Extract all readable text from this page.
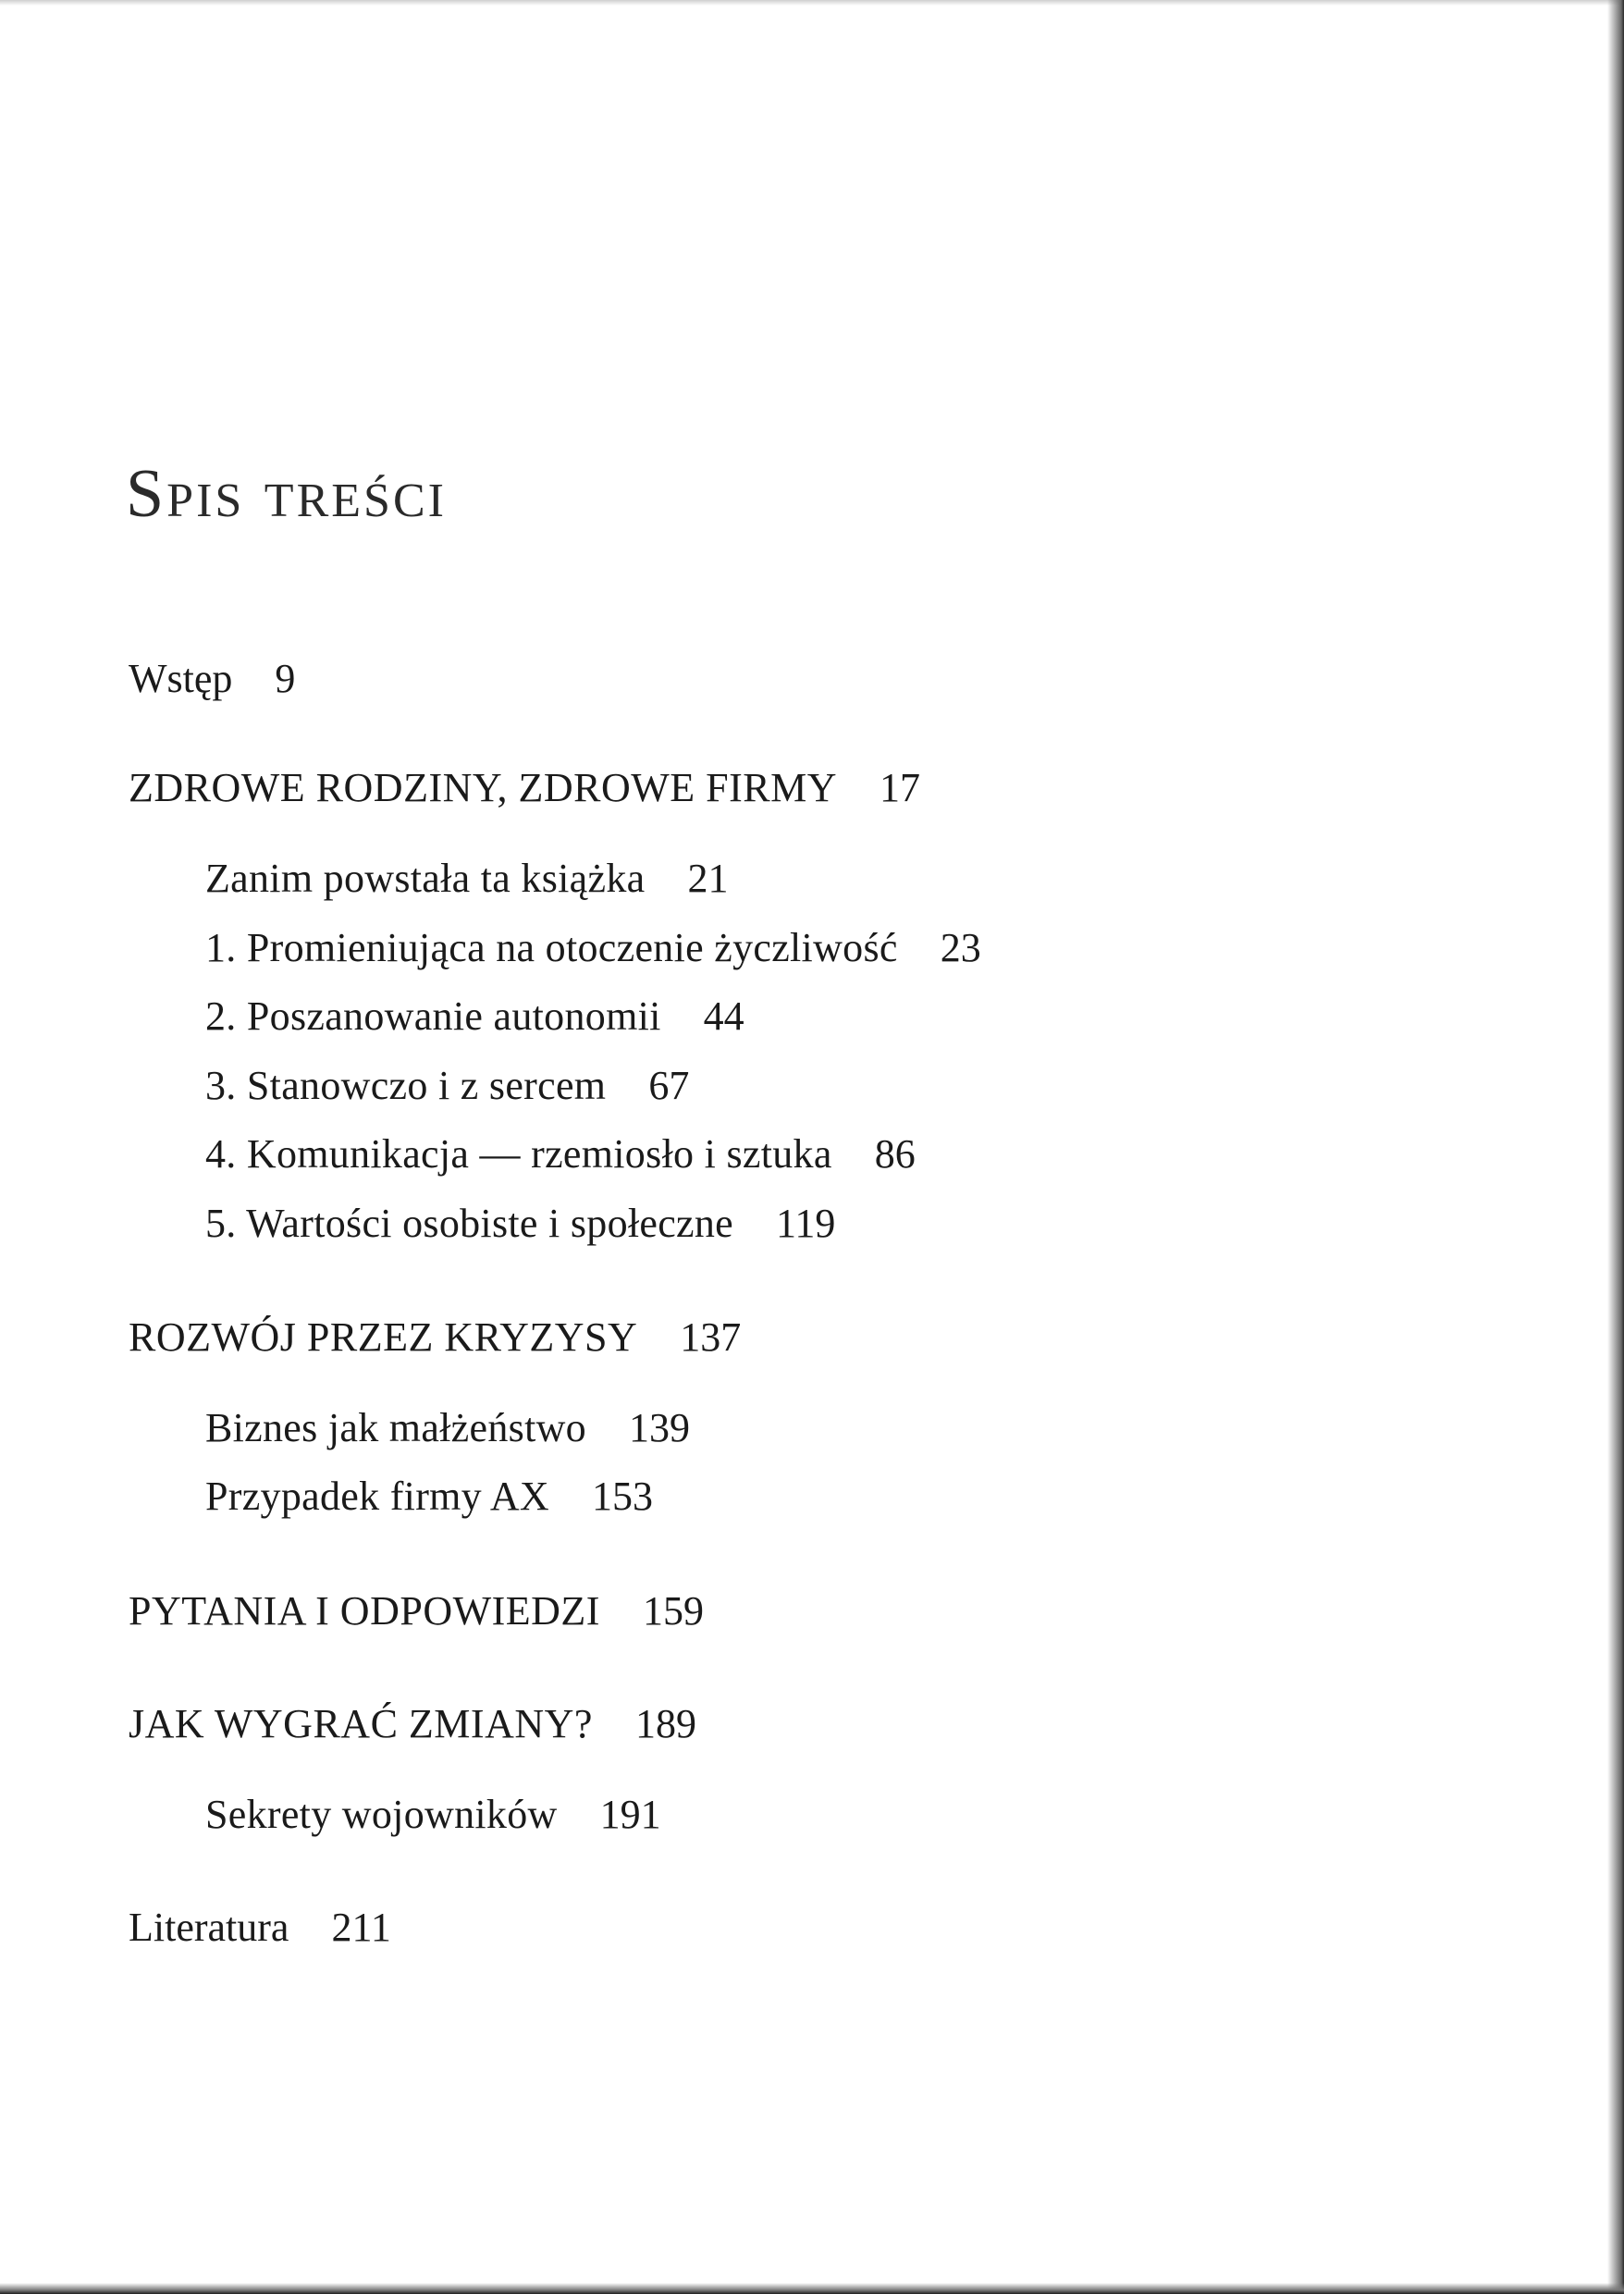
Spis treści
Wstęp 9
ZDROWE RODZINY, ZDROWE FIRMY 17
Zanim powstała ta książka 21
1. Promieniująca na otoczenie życzliwość 23
2. Poszanowanie autonomii 44
3. Stanowczo i z sercem 67
4. Komunikacja — rzemiosło i sztuka 86
5. Wartości osobiste i społeczne 119
ROZWÓJ PRZEZ KRYZYSY 137
Biznes jak małżeństwo 139
Przypadek firmy AX 153
PYTANIA I ODPOWIEDZI 159
JAK WYGRAĆ ZMIANY? 189
Sekrety wojowników 191
Literatura 211
